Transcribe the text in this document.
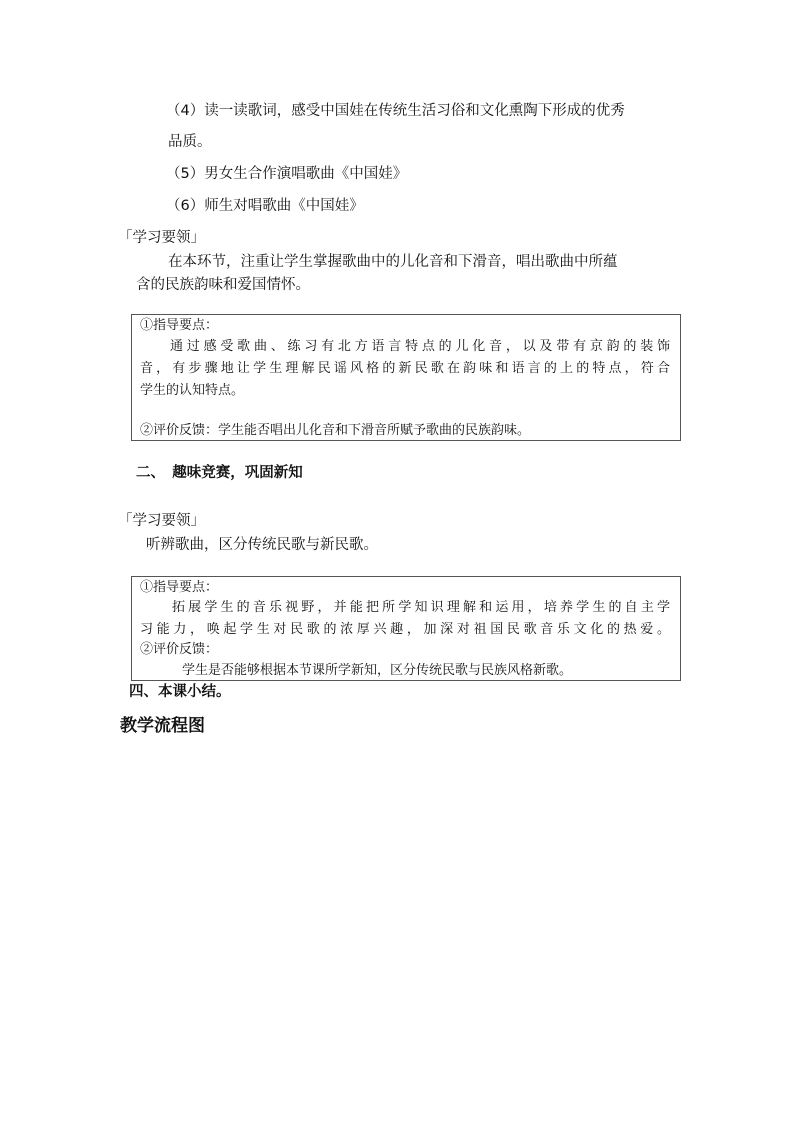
（4）读一读歌词，感受中国娃在传统生活习俗和文化熏陶下形成的优秀
品质。
（5）男女生合作演唱歌曲《中国娃》
（6）师生对唱歌曲《中国娃》
「学习要领」
在本环节，注重让学生掌握歌曲中的儿化音和下滑音，唱出歌曲中所蕴
含的民族韵味和爱国情怀。
①指导要点：
通过感受歌曲、练习有北方语言特点的儿化音，以及带有京韵的装饰
音，有步骤地让学生理解民谣风格的新民歌在韵味和语言的上的特点，符合
学生的认知特点。
②评价反馈：学生能否唱出儿化音和下滑音所赋予歌曲的民族韵味。
二、　趣味竞赛，巩固新知
「学习要领」
听辨歌曲，区分传统民歌与新民歌。
①指导要点：
拓展学生的音乐视野，并能把所学知识理解和运用，培养学生的自主学
习能力，唤起学生对民歌的浓厚兴趣，加深对祖国民歌音乐文化的热爱。
②评价反馈：
学生是否能够根据本节课所学新知，区分传统民歌与民族风格新歌。
四、本课小结。
教学流程图
